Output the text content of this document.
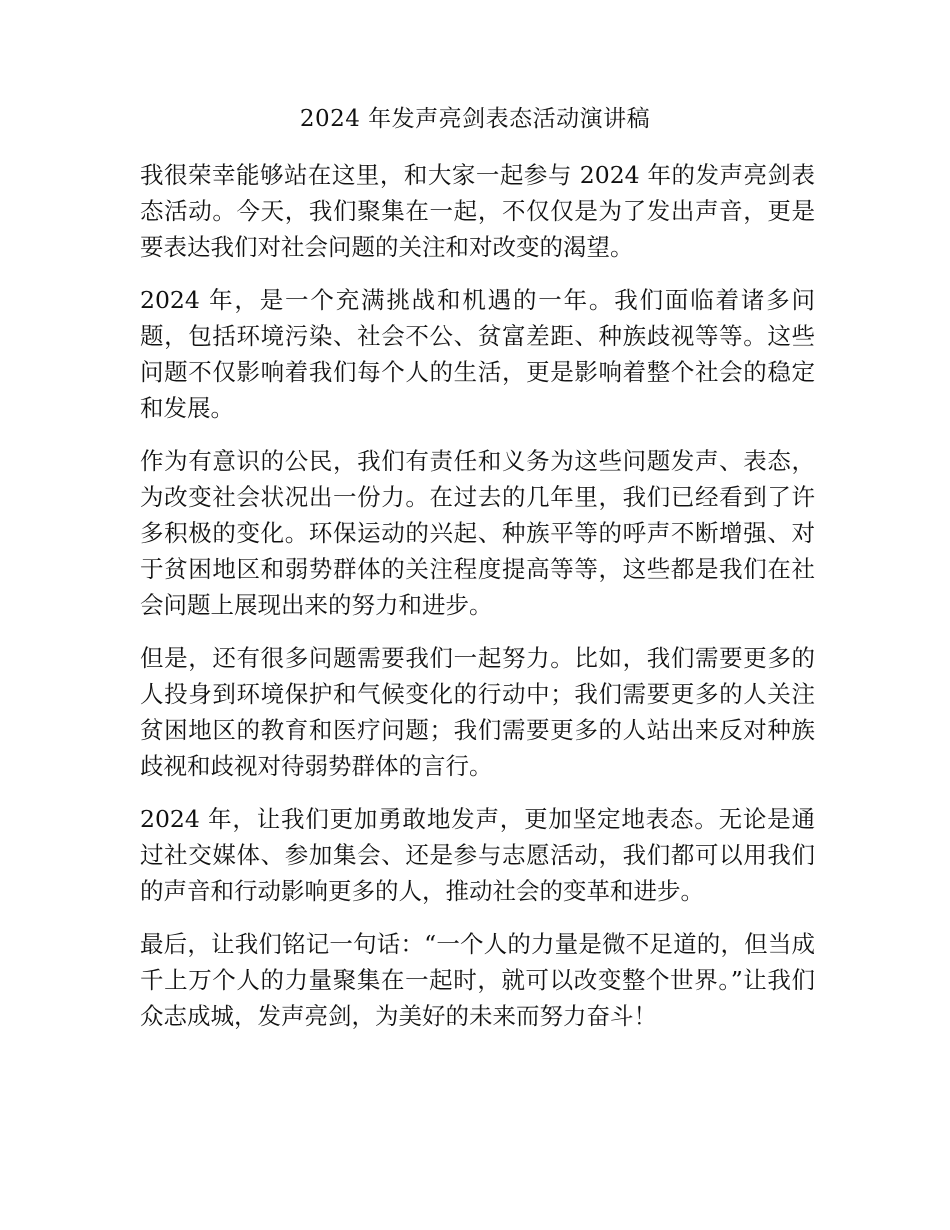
2024 年发声亮剑表态活动演讲稿

我很荣幸能够站在这里，和大家一起参与 2024 年的发声亮剑表态活动。今天，我们聚集在一起，不仅仅是为了发出声音，更是要表达我们对社会问题的关注和对改变的渴望。

2024 年，是一个充满挑战和机遇的一年。我们面临着诸多问题，包括环境污染、社会不公、贫富差距、种族歧视等等。这些问题不仅影响着我们每个人的生活，更是影响着整个社会的稳定和发展。

作为有意识的公民，我们有责任和义务为这些问题发声、表态，为改变社会状况出一份力。在过去的几年里，我们已经看到了许多积极的变化。环保运动的兴起、种族平等的呼声不断增强、对于贫困地区和弱势群体的关注程度提高等等，这些都是我们在社会问题上展现出来的努力和进步。

但是，还有很多问题需要我们一起努力。比如，我们需要更多的人投身到环境保护和气候变化的行动中；我们需要更多的人关注贫困地区的教育和医疗问题；我们需要更多的人站出来反对种族歧视和歧视对待弱势群体的言行。

2024 年，让我们更加勇敢地发声，更加坚定地表态。无论是通过社交媒体、参加集会、还是参与志愿活动，我们都可以用我们的声音和行动影响更多的人，推动社会的变革和进步。

最后，让我们铭记一句话：“一个人的力量是微不足道的，但当成千上万个人的力量聚集在一起时，就可以改变整个世界。”让我们众志成城，发声亮剑，为美好的未来而努力奋斗！
